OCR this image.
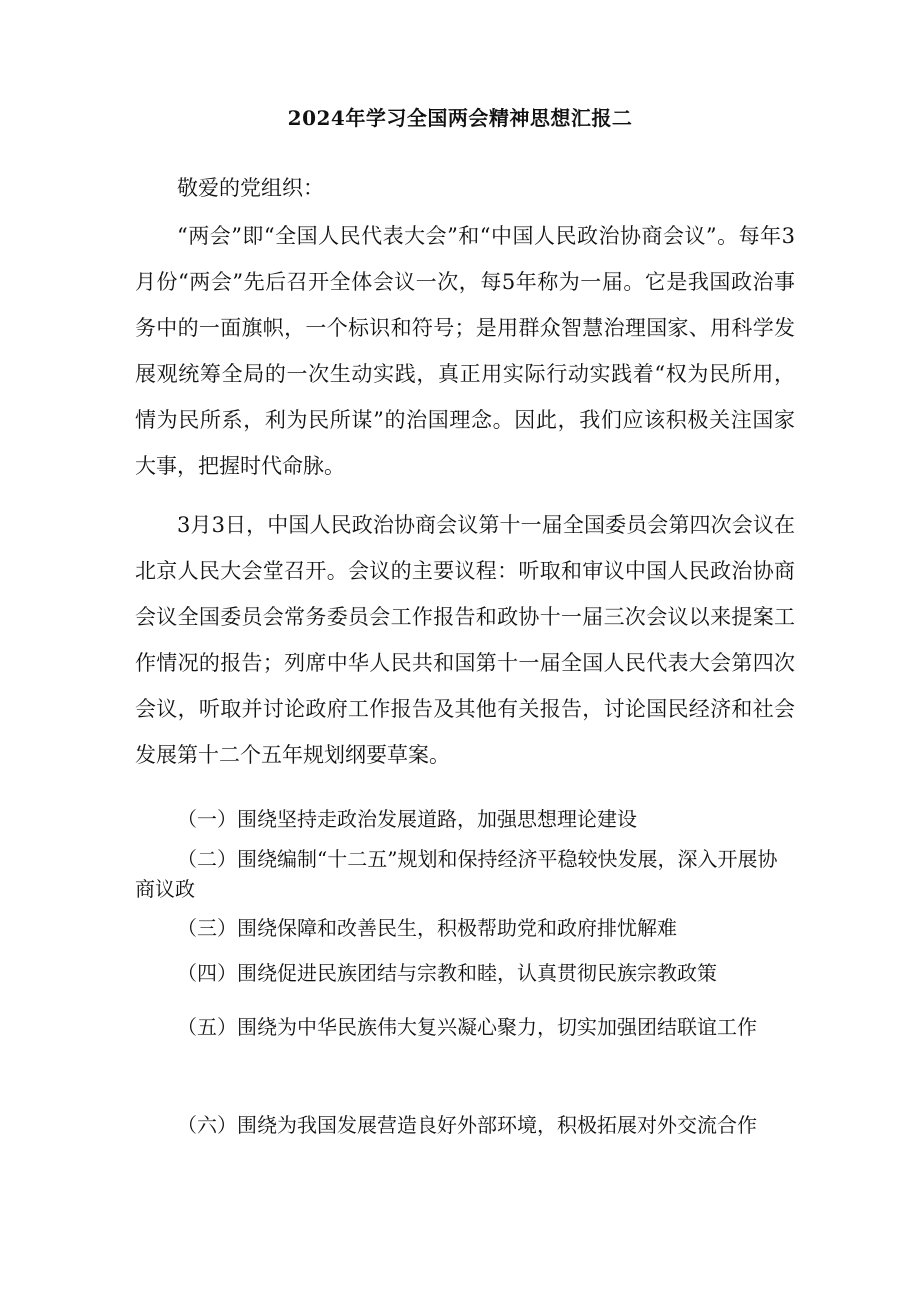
2024年学习全国两会精神思想汇报二

敬爱的党组织：

“两会”即“全国人民代表大会”和“中国人民政治协商会议”。每年3月份“两会”先后召开全体会议一次，每5年称为一届。它是我国政治事务中的一面旗帜，一个标识和符号；是用群众智慧治理国家、用科学发展观统筹全局的一次生动实践，真正用实际行动实践着“权为民所用，情为民所系，利为民所谋”的治国理念。因此，我们应该积极关注国家大事，把握时代命脉。

3月3日，中国人民政治协商会议第十一届全国委员会第四次会议在北京人民大会堂召开。会议的主要议程：听取和审议中国人民政治协商会议全国委员会常务委员会工作报告和政协十一届三次会议以来提案工作情况的报告；列席中华人民共和国第十一届全国人民代表大会第四次会议，听取并讨论政府工作报告及其他有关报告，讨论国民经济和社会发展第十二个五年规划纲要草案。

（一）围绕坚持走政治发展道路，加强思想理论建设

（二）围绕编制“十二五”规划和保持经济平稳较快发展，深入开展协商议政

（三）围绕保障和改善民生，积极帮助党和政府排忧解难

（四）围绕促进民族团结与宗教和睦，认真贯彻民族宗教政策

（五）围绕为中华民族伟大复兴凝心聚力，切实加强团结联谊工作

（六）围绕为我国发展营造良好外部环境，积极拓展对外交流合作
